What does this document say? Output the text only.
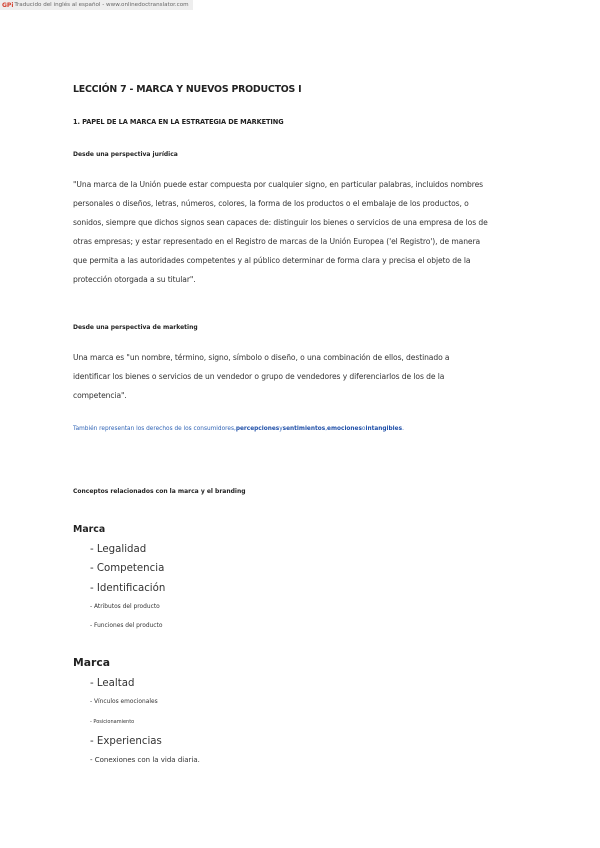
GPi Traducido del inglés al español - www.onlinedoctranslator.com
LECCIÓN 7 - MARCA Y NUEVOS PRODUCTOS I
1. PAPEL DE LA MARCA EN LA ESTRATEGIA DE MARKETING
Desde una perspectiva jurídica
"Una marca de la Unión puede estar compuesta por cualquier signo, en particular palabras, incluidos nombres
personales o diseños, letras, números, colores, la forma de los productos o el embalaje de los productos, o
sonidos, siempre que dichos signos sean capaces de: distinguir los bienes o servicios de una empresa de los de
otras empresas; y estar representado en el Registro de marcas de la Unión Europea ('el Registro'), de manera
que permita a las autoridades competentes y al público determinar de forma clara y precisa el objeto de la
protección otorgada a su titular".
Desde una perspectiva de marketing
Una marca es "un nombre, término, signo, símbolo o diseño, o una combinación de ellos, destinado a
identificar los bienes o servicios de un vendedor o grupo de vendedores y diferenciarlos de los de la
competencia".
También representan los derechos de los consumidores,percepcionesysentimientos,emocionesointangibles.
Conceptos relacionados con la marca y el branding
Marca
- Legalidad
- Competencia
- Identificación
- Atributos del producto
- Funciones del producto
Marca
- Lealtad
- Vínculos emocionales
- Posicionamiento
- Experiencias
- Conexiones con la vida diaria.
